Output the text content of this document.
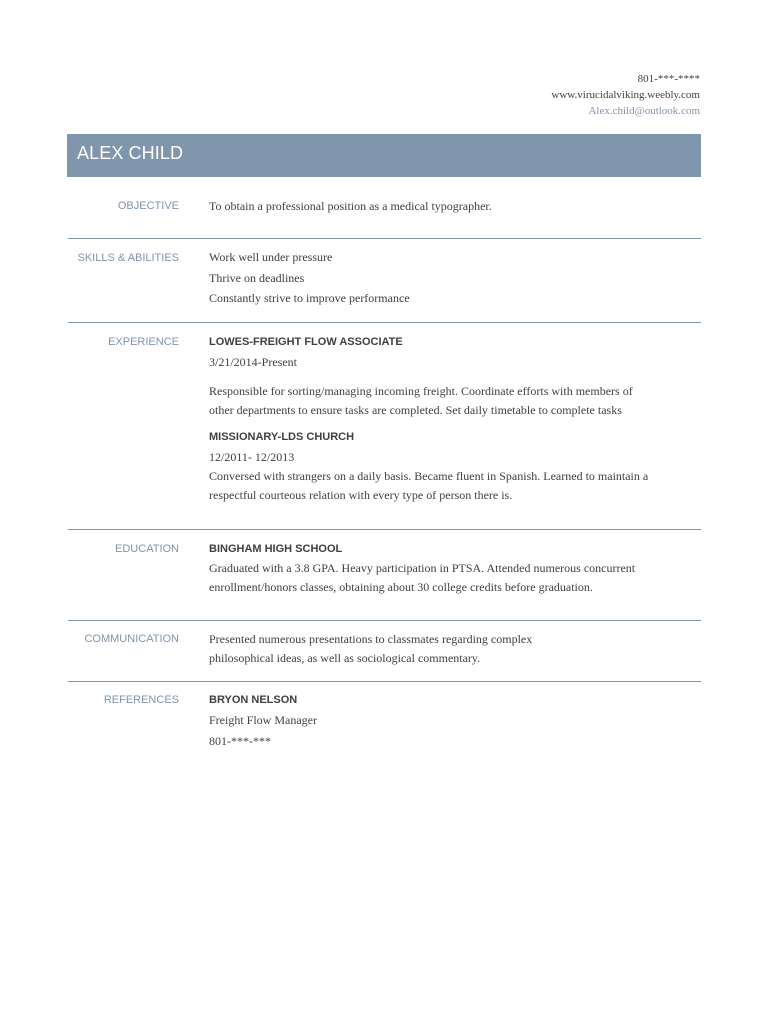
801-***-****
www.virucidalviking.weebly.com
Alex.child@outlook.com
ALEX CHILD
OBJECTIVE	To obtain a professional position as a medical typographer.
SKILLS & ABILITIES	Work well under pressure
Thrive on deadlines
Constantly strive to improve performance
EXPERIENCE	LOWES-FREIGHT FLOW ASSOCIATE
3/21/2014-Present
Responsible for sorting/managing incoming freight. Coordinate efforts with members of
other departments to ensure tasks are completed. Set daily timetable to complete tasks
MISSIONARY-LDS CHURCH
12/2011- 12/2013
Conversed with strangers on a daily basis. Became fluent in Spanish. Learned to maintain a
respectful courteous relation with every type of person there is.
EDUCATION	BINGHAM HIGH SCHOOL
Graduated with a 3.8 GPA. Heavy participation in PTSA. Attended numerous concurrent
enrollment/honors classes, obtaining about 30 college credits before graduation.
COMMUNICATION	Presented numerous presentations to classmates regarding complex
philosophical ideas, as well as sociological commentary.
REFERENCES	BRYON NELSON
Freight Flow Manager
801-***-***
